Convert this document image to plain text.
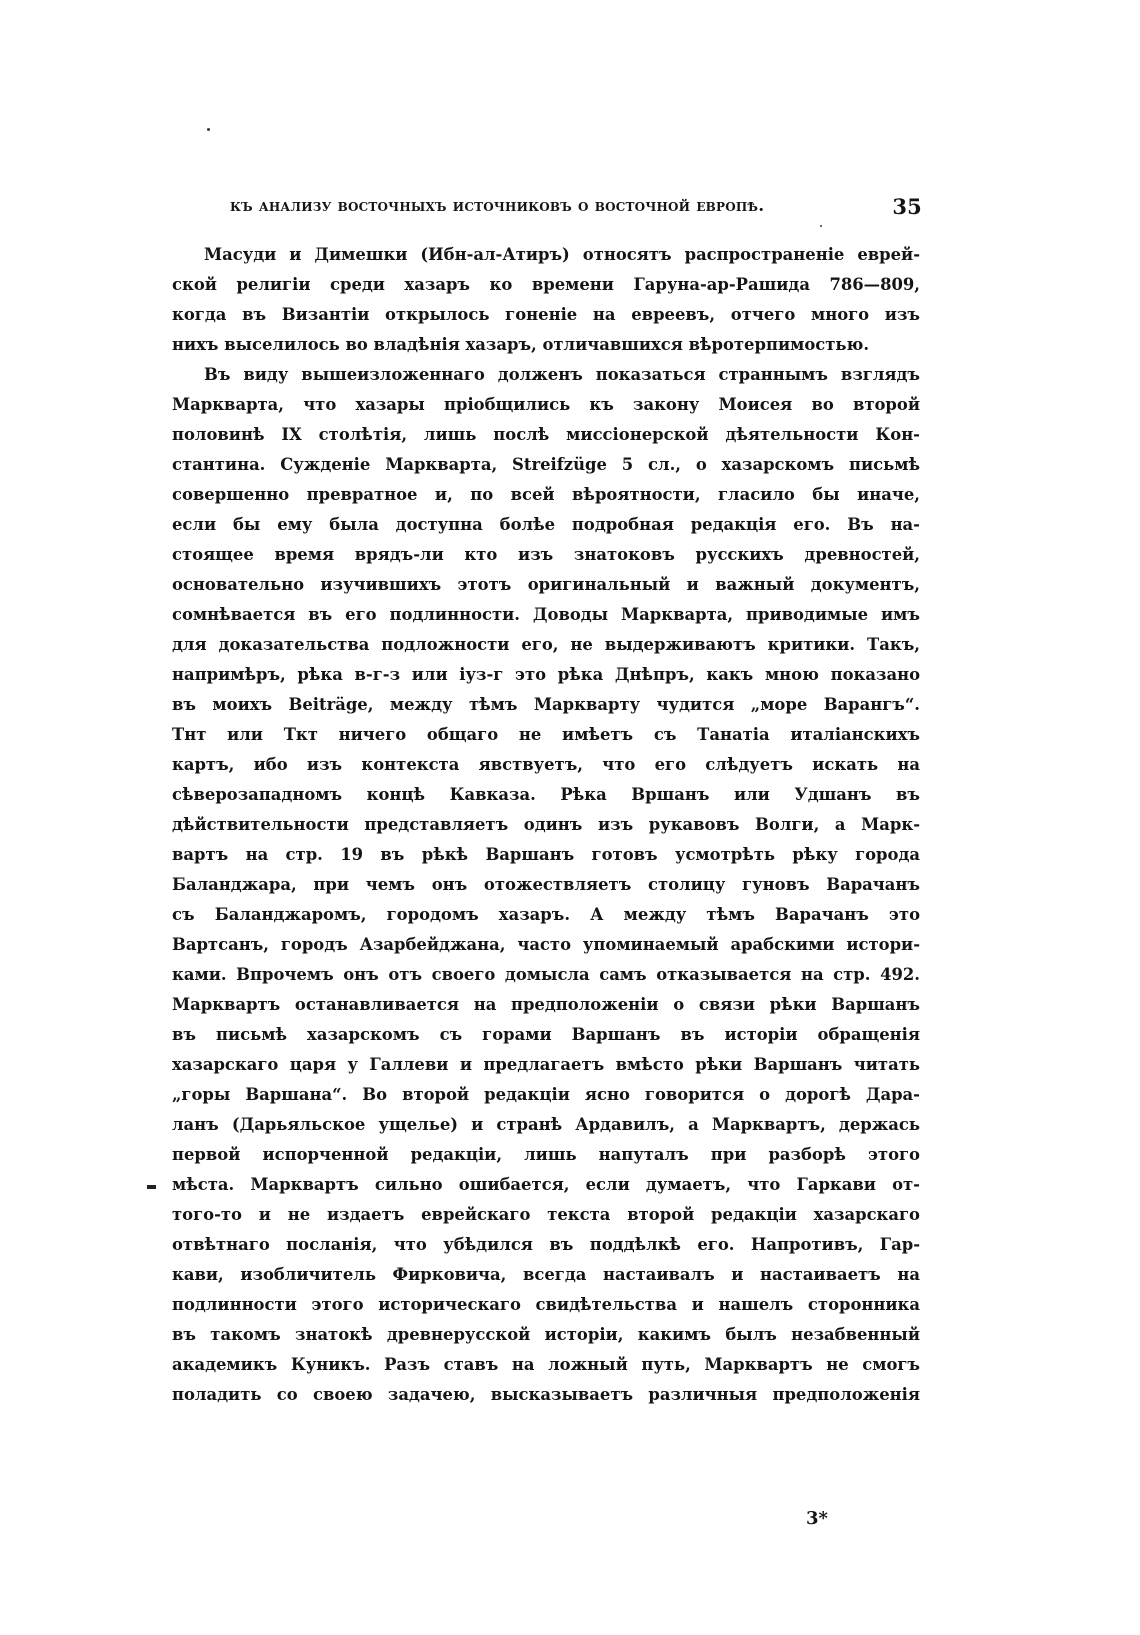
къ анализу восточныхъ источниковъ о восточной европѣ.	35
Масуди и Димешки (Ибн-ал-Атиръ) относятъ распространеніе еврей-
ской религіи среди хазаръ ко времени Гаруна-ар-Рашида 786—809,
когда въ Византіи открылось гоненіе на евреевъ, отчего много изъ
нихъ выселилось во владѣнія хазаръ, отличавшихся вѣротерпимостью.
Въ виду вышеизложеннаго долженъ показаться страннымъ взглядъ
Маркварта, что хазары пріобщились къ закону Моисея во второй
половинѣ IX столѣтія, лишь послѣ миссіонерской дѣятельности Кон-
стантина. Сужденіе Маркварта, Streifzüge 5 сл., о хазарскомъ письмѣ
совершенно превратное и, по всей вѣроятности, гласило бы иначе,
если бы ему была доступна болѣе подробная редакція его. Въ на-
стоящее время врядъ-ли кто изъ знатоковъ русскихъ древностей,
основательно изучившихъ этотъ оригинальный и важный документъ,
сомнѣвается въ его подлинности. Доводы Маркварта, приводимые имъ
для доказательства подложности его, не выдерживаютъ критики. Такъ,
напримѣръ, рѣка в-г-з или іуз-г это рѣка Днѣпръ, какъ мною показано
въ моихъ Beiträge, между тѣмъ Маркварту чудится „море Варангъ“.
Тнт или Ткт ничего общаго не имѣетъ съ Танатіа италіанскихъ
картъ, ибо изъ контекста явствуетъ, что его слѣдуетъ искать на
сѣверозападномъ концѣ Кавказа. Рѣка Вршанъ или Удшанъ въ
дѣйствительности представляетъ одинъ изъ рукавовъ Волги, а Марк-
вартъ на стр. 19 въ рѣкѣ Варшанъ готовъ усмотрѣть рѣку города
Баланджара, при чемъ онъ отожествляетъ столицу гуновъ Варачанъ
съ Баланджаромъ, городомъ хазаръ. А между тѣмъ Варачанъ это
Вартсанъ, городъ Азарбейджана, часто упоминаемый арабскими истори-
ками. Впрочемъ онъ отъ своего домысла самъ отказывается на стр. 492.
Марквартъ останавливается на предположеніи о связи рѣки Варшанъ
въ письмѣ хазарскомъ съ горами Варшанъ въ исторіи обращенія
хазарскаго царя у Галлеви и предлагаетъ вмѣсто рѣки Варшанъ читать
„горы Варшана“. Во второй редакціи ясно говорится о дорогѣ Дара-
ланъ (Дарьяльское ущелье) и странѣ Ардавилъ, а Марквартъ, держась
первой испорченной редакціи, лишь напуталъ при разборѣ этого
мѣста. Марквартъ сильно ошибается, если думаетъ, что Гаркави от-
того-то и не издаетъ еврейскаго текста второй редакціи хазарскаго
отвѣтнаго посланія, что убѣдился въ поддѣлкѣ его. Напротивъ, Гар-
кави, изобличитель Фирковича, всегда настаивалъ и настаиваетъ на
подлинности этого историческаго свидѣтельства и нашелъ сторонника
въ такомъ знатокѣ древнерусской исторіи, какимъ былъ незабвенный
академикъ Куникъ. Разъ ставъ на ложный путь, Марквартъ не смогъ
поладить со своею задачею, высказываетъ различныя предположенія
3*
